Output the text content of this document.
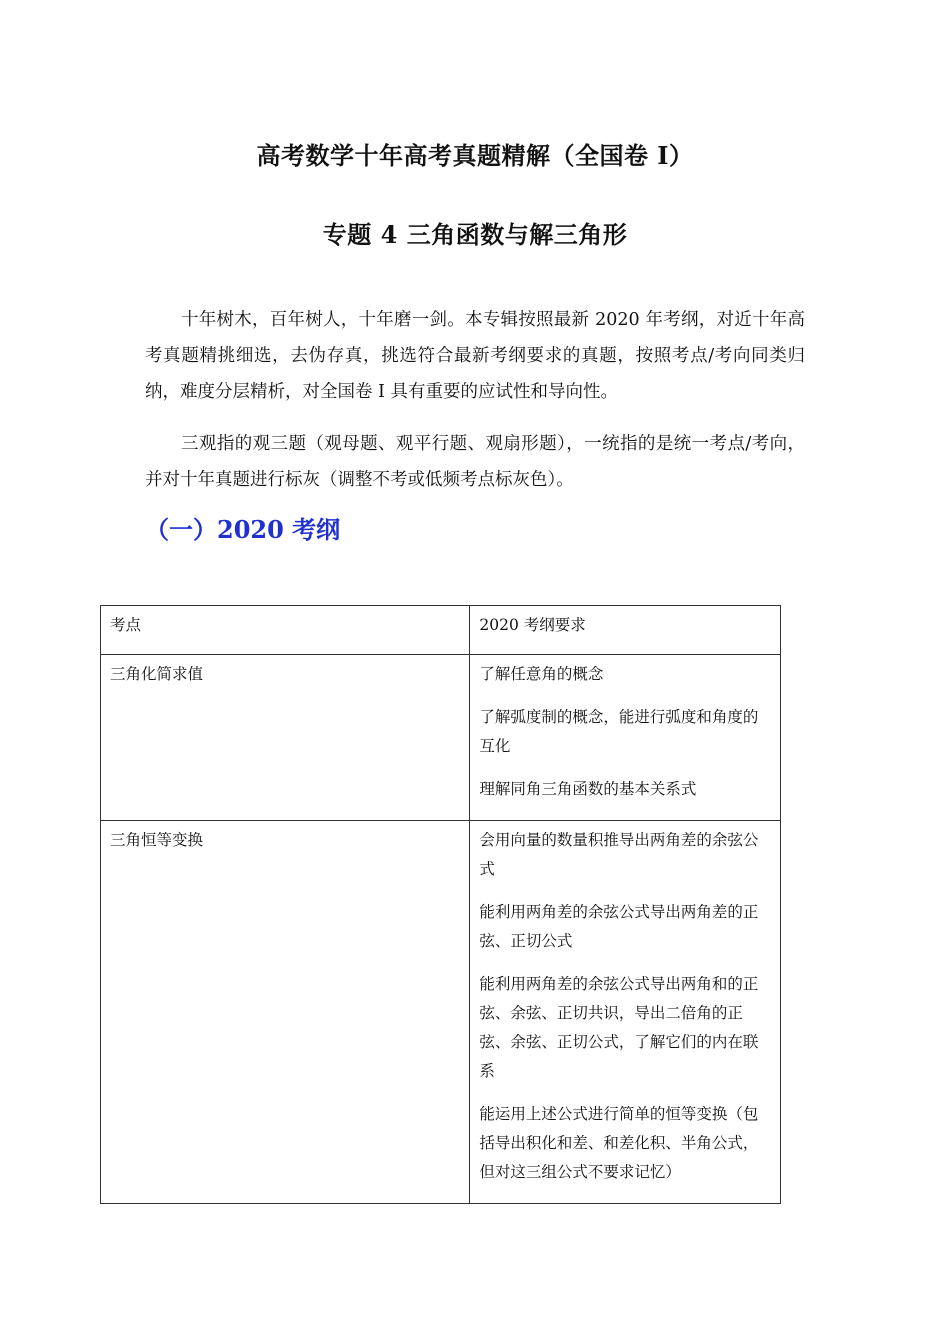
高考数学十年高考真题精解（全国卷 I）
专题 4 三角函数与解三角形

十年树木，百年树人，十年磨一剑。本专辑按照最新 2020 年考纲，对近十年高考真题精挑细选，去伪存真，挑选符合最新考纲要求的真题，按照考点/考向同类归纳，难度分层精析，对全国卷 I 具有重要的应试性和导向性。

三观指的观三题（观母题、观平行题、观扇形题），一统指的是统一考点/考向，并对十年真题进行标灰（调整不考或低频考点标灰色）。

（一）2020 考纲
考点	2020 考纲要求
三角化简求值	了解任意角的概念

了解弧度制的概念，能进行弧度和角度的互化

理解同角三角函数的基本关系式

三角恒等变换	会用向量的数量积推导出两角差的余弦公式

能利用两角差的余弦公式导出两角差的正弦、正切公式

能利用两角差的余弦公式导出两角和的正弦、余弦、正切共识，导出二倍角的正弦、余弦、正切公式，了解它们的内在联系

能运用上述公式进行简单的恒等变换（包括导出积化和差、和差化积、半角公式，但对这三组公式不要求记忆）
